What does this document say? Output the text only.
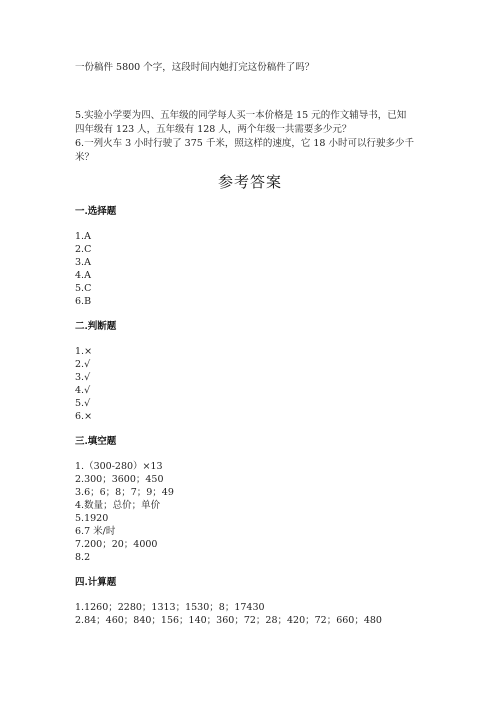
一份稿件 5800 个字，这段时间内她打完这份稿件了吗？
5.实验小学要为四、五年级的同学每人买一本价格是 15 元的作文辅导书，已知
四年级有 123 人，五年级有 128 人，两个年级一共需要多少元？
6.一列火车 3 小时行驶了 375 千米，照这样的速度，它 18 小时可以行驶多少千
米？
参考答案
一.选择题
1.A
2.C
3.A
4.A
5.C
6.B
二.判断题
1.×
2.√
3.√
4.√
5.√
6.×
三.填空题
1.（300-280）×13
2.300；3600；450
3.6；6；8；7；9；49
4.数量；总价；单价
5.1920
6.7 米/时
7.200；20；4000
8.2
四.计算题
1.1260；2280；1313；1530；8；17430
2.84；460；840；156；140；360；72；28；420；72；660；480
